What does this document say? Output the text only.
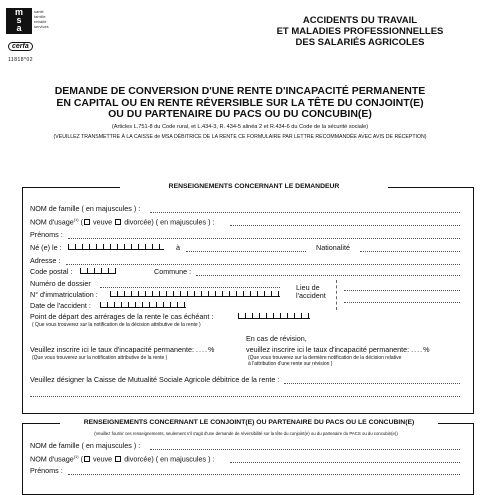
m
s
a
santé
famille
retraite
services
cerfa
11818*02
ACCIDENTS DU TRAVAIL
ET MALADIES PROFESSIONNELLES
DES SALARIÉS AGRICOLES
DEMANDE DE CONVERSION D'UNE RENTE D'INCAPACITÉ PERMANENTE
EN CAPITAL OU EN RENTE RÉVERSIBLE SUR LA TÊTE DU CONJOINT(E)
OU DU PARTENAIRE DU PACS OU DU CONCUBIN(E)
(Articles L.751-8 du Code rural, et L.434-3, R. 434-5 alinéa 2 et R.434-6 du Code de la sécurité sociale)
(VEUILLEZ TRANSMETTRE À LA CAISSE de MSA DÉBITRICE DE LA RENTE CE FORMULAIRE PAR LETTRE RECOMMANDÉE AVEC AVIS DE RÉCEPTION)
RENSEIGNEMENTS CONCERNANT LE DEMANDEUR
NOM de famille ( en majuscules ) :
NOM d'usage$^{(1)}$ ( veuve divorcée) ( en majuscules ) :
Prénoms :
Né (e) le :	à	Nationalité
Adresse :
Code postal :	Commune :
Numéro de dossier
N° d'immatriculation :
Date de l'accident :
Lieu de
l'accident
Point de départ des arrérages de la rente le cas échéant :
( Que vous trouverez sur la notification de la décision attributive de la rente )
En cas de révision,
Veuillez inscrire ici le taux d'incapacité permanente: ....%
(Que vous trouverez sur la notification attributive de la rente )
veuillez inscrire ici le taux d'incapacité permanente: ....%
(Que vous trouverez sur la dernière notification de la décision relative
à l'attribution d'une rente sur révision )
Veuillez désigner la Caisse de Mutualité Sociale Agricole débitrice de la rente :
RENSEIGNEMENTS CONCERNANT LE CONJOINT(E) OU PARTENAIRE DU PACS OU LE CONCUBIN(E)
(Veuillez fournir ces renseignements, seulement s'il s'agit d'une demande de réversibilité sur la tête du conjoint(e) ou du partenaire du PACS ou du concubin(e))
NOM de famille ( en majuscules ) :
NOM d'usage$^{(1)}$ ( veuve divorcée) ( en majuscules ) :
Prénoms :
